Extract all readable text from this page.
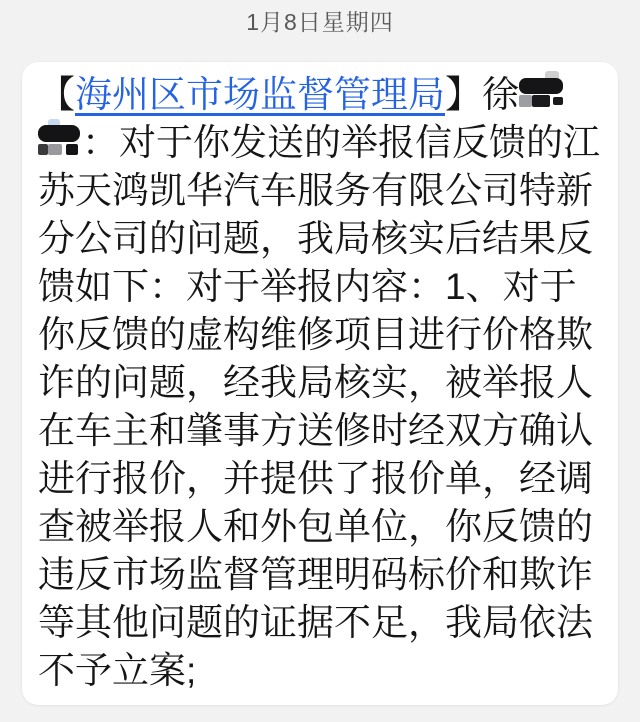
1月8日星期四
【海州区市场监督管理局】徐
：对于你发送的举报信反馈的江
苏天鸿凯华汽车服务有限公司特新
分公司的问题，我局核实后结果反
馈如下：对于举报内容：1、对于
你反馈的虚构维修项目进行价格欺
诈的问题，经我局核实，被举报人
在车主和肇事方送修时经双方确认
进行报价，并提供了报价单，经调
查被举报人和外包单位，你反馈的
违反市场监督管理明码标价和欺诈
等其他问题的证据不足，我局依法
不予立案;
